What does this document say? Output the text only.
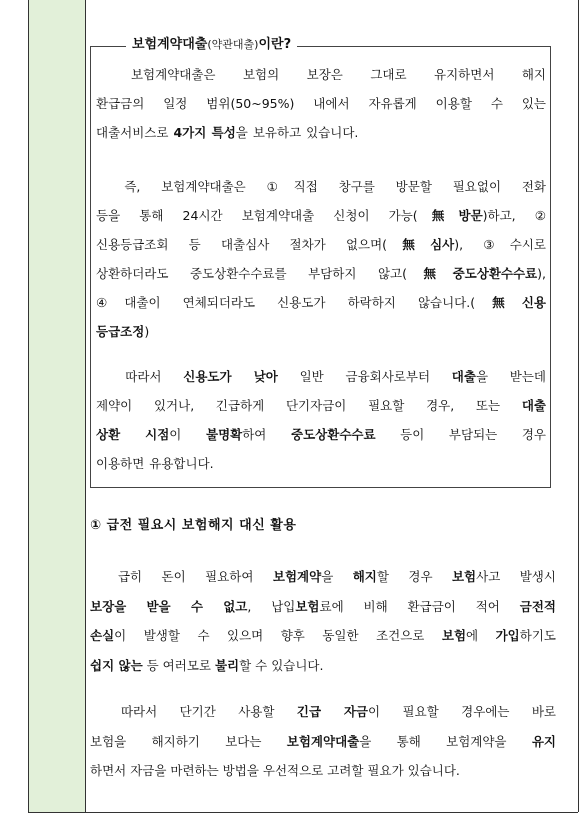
보험계약대출(약관대출)이란?
　보험계약대출은 보험의 보장은 그대로 유지하면서 해지
환급금의 일정 범위(50~95%) 내에서 자유롭게 이용할 수 있는
대출서비스로 4가지 특성을 보유하고 있습니다.
　즉, 보험계약대출은 ①직접 창구를 방문할 필요없이 전화
등을 통해 24시간 보험계약대출 신청이 가능(無방문)하고, ②
신용등급조회 등 대출심사 절차가 없으며(無심사), ③수시로
상환하더라도 중도상환수수료를 부담하지 않고(無중도상환수수료),
④대출이 연체되더라도 신용도가 하락하지 않습니다.(無신용
등급조정)
　따라서 신용도가 낮아 일반 금융회사로부터 대출을 받는데
제약이 있거나, 긴급하게 단기자금이 필요할 경우, 또는 대출
상환 시점이 불명확하여 중도상환수수료 등이 부담되는 경우
이용하면 유용합니다.
① 급전 필요시 보험해지 대신 활용
　급히 돈이 필요하여 보험계약을 해지할 경우 보험사고 발생시
보장을 받을 수 없고, 납입보험료에 비해 환급금이 적어 금전적
손실이 발생할 수 있으며 향후 동일한 조건으로 보험에 가입하기도
쉽지 않는 등 여러모로 불리할 수 있습니다.
　따라서 단기간 사용할 긴급 자금이 필요할 경우에는 바로
보험을 해지하기 보다는 보험계약대출을 통해 보험계약을 유지
하면서 자금을 마련하는 방법을 우선적으로 고려할 필요가 있습니다.
